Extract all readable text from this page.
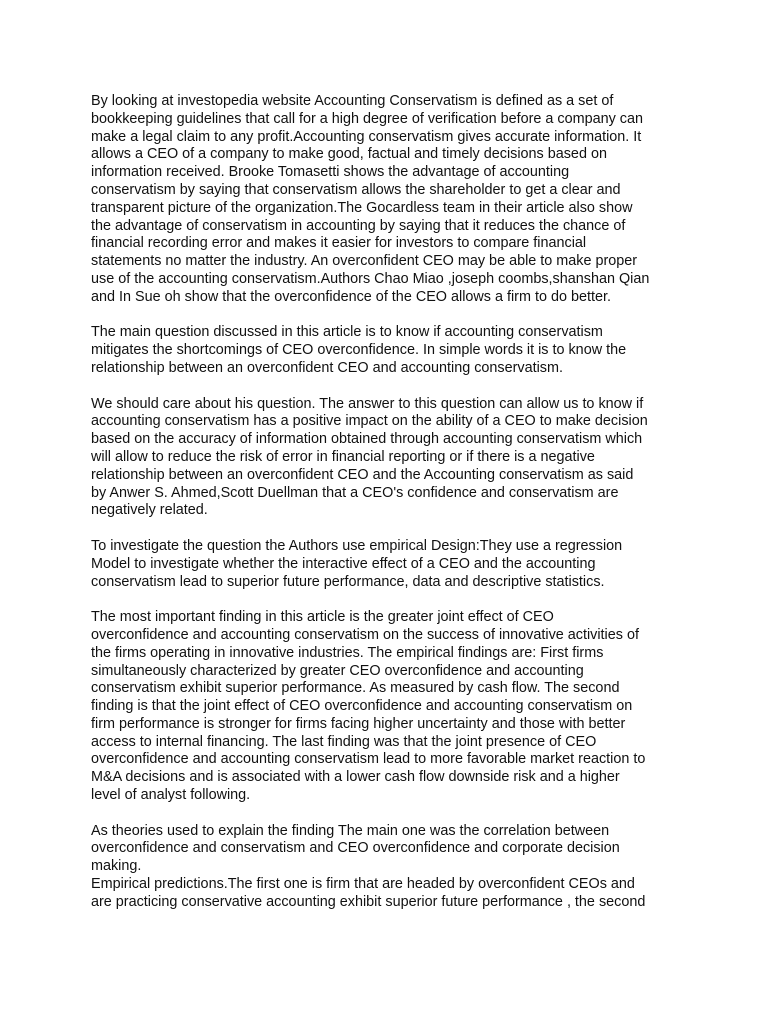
By looking at investopedia website Accounting Conservatism is defined as a set of
bookkeeping guidelines that call for a high degree of verification before a company can
make a legal claim to any profit.Accounting conservatism gives accurate information. It
allows a CEO of a company to make good, factual and timely decisions based on
information received. Brooke Tomasetti shows the advantage of accounting
conservatism by saying that conservatism allows the shareholder to get a clear and
transparent picture of the organization.The Gocardless team in their article also show
the advantage of conservatism in accounting by saying that it reduces the chance of
financial recording error and makes it easier for investors to compare financial
statements no matter the industry. An overconfident CEO may be able to make proper
use of the accounting conservatism.Authors Chao Miao ,joseph coombs,shanshan Qian
and In Sue oh show that the overconfidence of the CEO allows a firm to do better.

The main question discussed in this article is to know if accounting conservatism
mitigates the shortcomings of CEO overconfidence. In simple words it is to know the
relationship between an overconfident CEO and accounting conservatism.

We should care about his question. The answer to this question can allow us to know if
accounting conservatism has a positive impact on the ability of a CEO to make decision
based on the accuracy of information obtained through accounting conservatism which
will allow to reduce the risk of error in financial reporting or if there is a negative
relationship between an overconfident CEO and the Accounting conservatism as said
by Anwer S. Ahmed,Scott Duellman that a CEO's confidence and conservatism are
negatively related.

To investigate the question the Authors use empirical Design:They use a regression
Model to investigate whether the interactive effect of a CEO and the accounting
conservatism lead to superior future performance, data and descriptive statistics.

The most important finding in this article is the greater joint effect of CEO
overconfidence and accounting conservatism on the success of innovative activities of
the firms operating in innovative industries. The empirical findings are: First firms
simultaneously characterized by greater CEO overconfidence and accounting
conservatism exhibit superior performance. As measured by cash flow. The second
finding is that the joint effect of CEO overconfidence and accounting conservatism on
firm performance is stronger for firms facing higher uncertainty and those with better
access to internal financing. The last finding was that the joint presence of CEO
overconfidence and accounting conservatism lead to more favorable market reaction to
M&A decisions and is associated with a lower cash flow downside risk and a higher
level of analyst following.

As theories used to explain the finding The main one was the correlation between
overconfidence and conservatism and CEO overconfidence and corporate decision
making.

Empirical predictions.The first one is firm that are headed by overconfident CEOs and
are practicing conservative accounting exhibit superior future performance , the second
